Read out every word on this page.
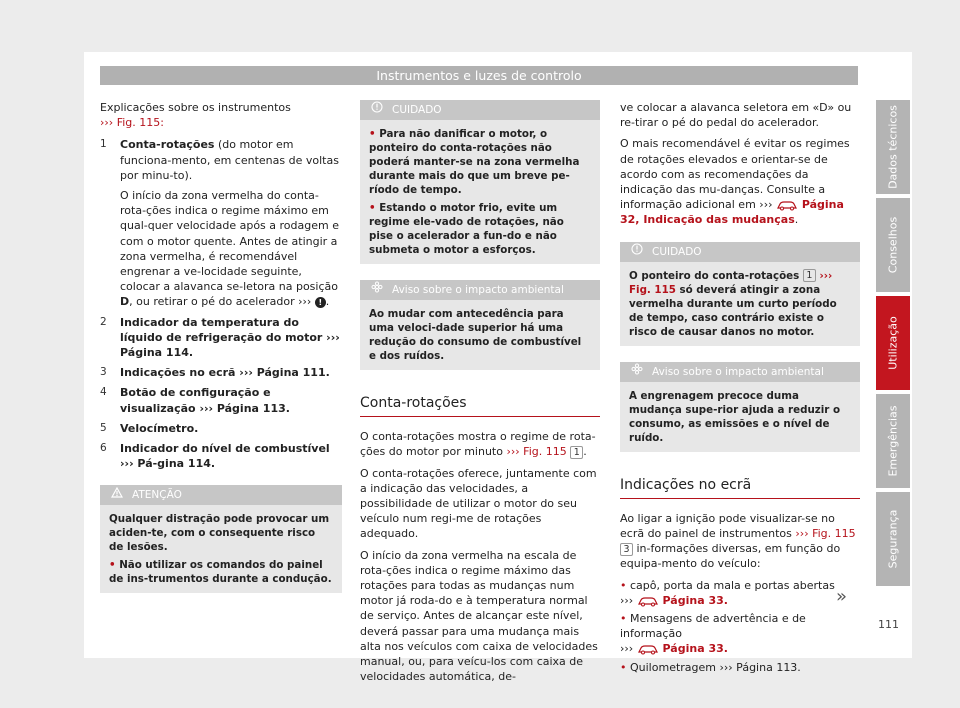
Instrumentos e luzes de controlo

Explicações sobre os instrumentos
››› Fig. 115:

1 Conta-rotações (do motor em funciona-mento, em centenas de voltas por minu-to).

O início da zona vermelha do conta-rota-ções indica o regime máximo em qual-quer velocidade após a rodagem e com o motor quente. Antes de atingir a zona vermelha, é recomendável engrenar a ve-locidade seguinte, colocar a alavanca se-letora na posição D, ou retirar o pé do acelerador ››› ! .

2 Indicador da temperatura do líquido de refrigeração do motor ››› Página 114.

3 Indicações no ecrã ››› Página 111.

4 Botão de configuração e visualização ››› Página 113.

5 Velocímetro.

6 Indicador do nível de combustível ››› Pá-gina 114.

ATENÇÃO

Qualquer distração pode provocar um aciden-te, com o consequente risco de lesões.

• Não utilizar os comandos do painel de ins-trumentos durante a condução.

CUIDADO

• Para não danificar o motor, o ponteiro do conta-rotações não poderá manter-se na zona vermelha durante mais do que um breve pe-ríodo de tempo.

• Estando o motor frio, evite um regime ele-vado de rotações, não pise o acelerador a fun-do e não submeta o motor a esforços.

Aviso sobre o impacto ambiental

Ao mudar com antecedência para uma veloci-dade superior há uma redução do consumo de combustível e dos ruídos.

Conta-rotações

O conta-rotações mostra o regime de rota-ções do motor por minuto ››› Fig. 115 1 .

O conta-rotações oferece, juntamente com a indicação das velocidades, a possibilidade de utilizar o motor do seu veículo num regi-me de rotações adequado.

O início da zona vermelha na escala de rota-ções indica o regime máximo das rotações para todas as mudanças num motor já roda-do e à temperatura normal de serviço. Antes de alcançar este nível, deverá passar para uma mudança mais alta nos veículos com caixa de velocidades manual, ou, para veícu-los com caixa de velocidades automática, de-

ve colocar a alavanca seletora em «D» ou re-tirar o pé do pedal do acelerador.

O mais recomendável é evitar os regimes de rotações elevados e orientar-se de acordo com as recomendações da indicação das mu-danças. Consulte a informação adicional em ›››  Página 32, Indicação das mudanças.

CUIDADO

O ponteiro do conta-rotações 1 ››› Fig. 115 só deverá atingir a zona vermelha durante um curto período de tempo, caso contrário existe o risco de causar danos no motor.

Aviso sobre o impacto ambiental

A engrenagem precoce duma mudança supe-rior ajuda a reduzir o consumo, as emissões e o nível de ruído.

Indicações no ecrã

Ao ligar a ignição pode visualizar-se no ecrã do painel de instrumentos ››› Fig. 115 3 in-formações diversas, em função do equipa-mento do veículo:

• capô, porta da mala e portas abertas
›››  Página 33.

• Mensagens de advertência e de informação
›››  Página 33.

• Quilometragem ››› Página 113.

»
Dados técnicos
Conselhos
Utilização
Emergências
Segurança
111
